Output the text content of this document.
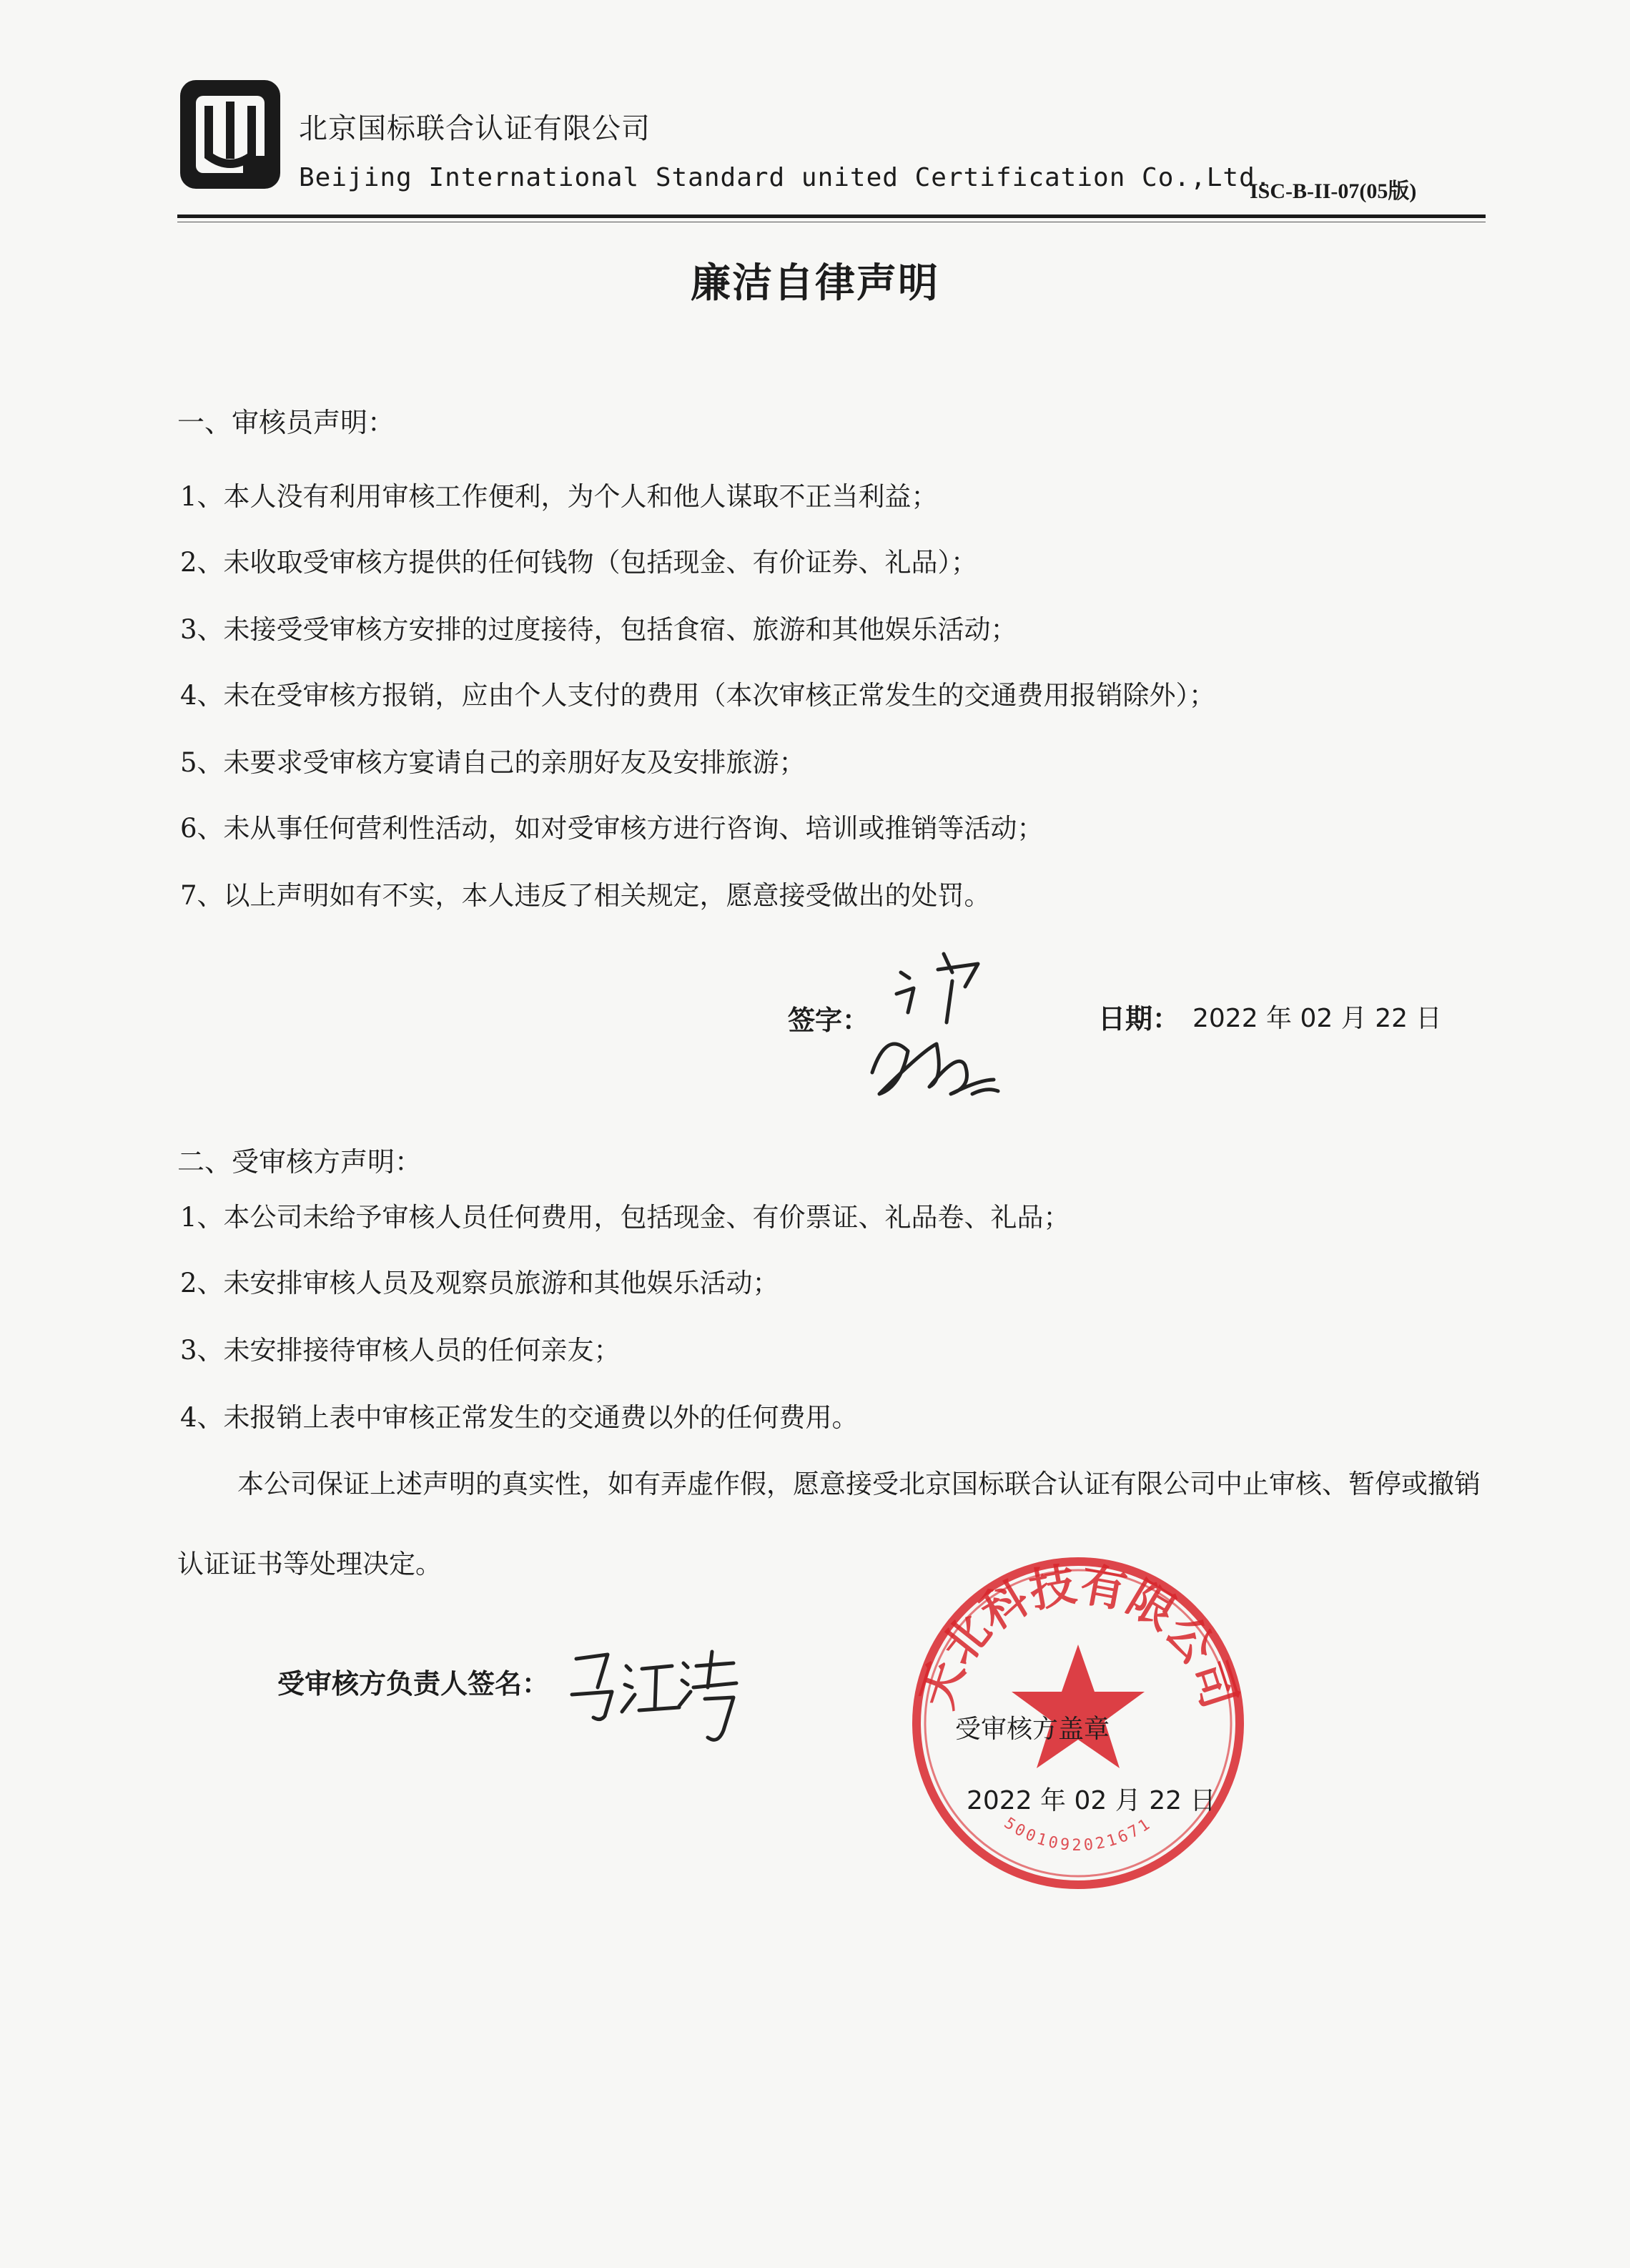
北京国标联合认证有限公司
Beijing International Standard united Certification Co.,Ltd.
ISC-B-II-07(05版)
廉洁自律声明
一、审核员声明：
1、本人没有利用审核工作便利，为个人和他人谋取不正当利益；
2、未收取受审核方提供的任何钱物（包括现金、有价证券、礼品）；
3、未接受受审核方安排的过度接待，包括食宿、旅游和其他娱乐活动；
4、未在受审核方报销，应由个人支付的费用（本次审核正常发生的交通费用报销除外）；
5、未要求受审核方宴请自己的亲朋好友及安排旅游；
6、未从事任何营利性活动，如对受审核方进行咨询、培训或推销等活动；
7、以上声明如有不实，本人违反了相关规定，愿意接受做出的处罚。
签字：	日期： 2022 年 02 月 22 日
二、受审核方声明：
1、本公司未给予审核人员任何费用，包括现金、有价票证、礼品卷、礼品；
2、未安排审核人员及观察员旅游和其他娱乐活动；
3、未安排接待审核人员的任何亲友；
4、未报销上表中审核正常发生的交通费以外的任何费用。
本公司保证上述声明的真实性，如有弄虚作假，愿意接受北京国标联合认证有限公司中止审核、暂停或撤销认证证书等处理决定。
受审核方负责人签名：	天北科技有限公司
5001092021671
受审核方盖章
2022 年 02 月 22 日
